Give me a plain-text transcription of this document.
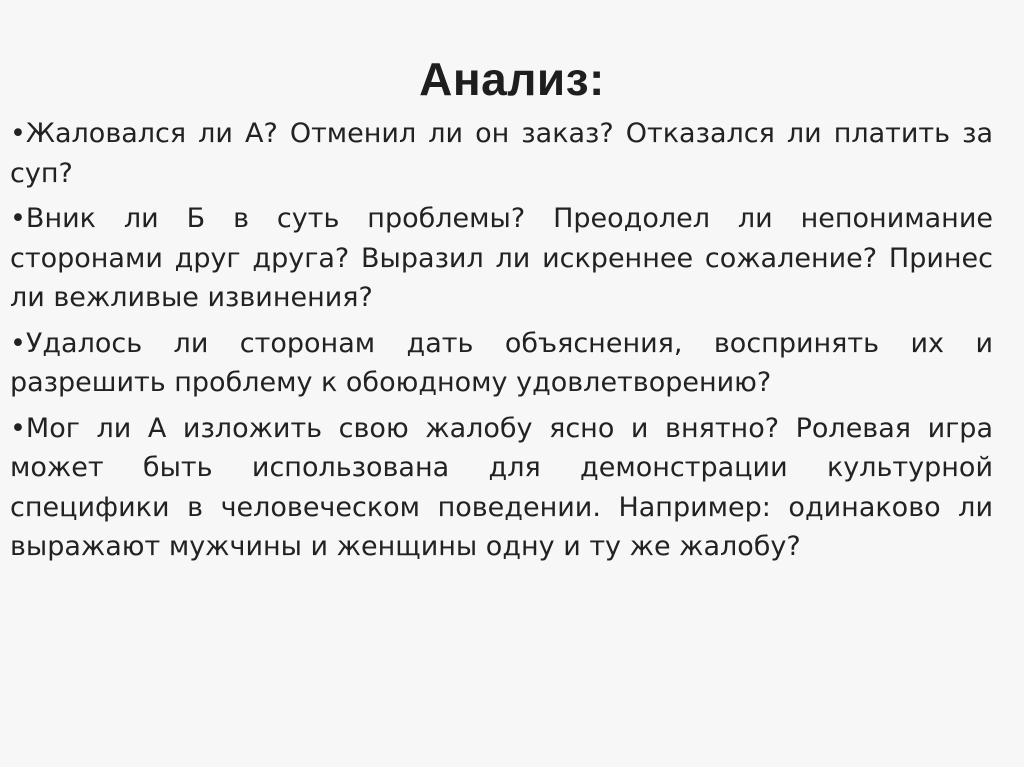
Анализ:
•Жаловался ли А? Отменил ли он заказ? Отказался ли платить за суп?
•Вник ли Б в суть проблемы? Преодолел ли непонимание сторонами друг друга? Выразил ли искреннее сожаление? Принес ли вежливые извинения?
•Удалось ли сторонам дать объяснения, воспринять их и разрешить проблему к обоюдному удовлетворению?
•Мог ли А изложить свою жалобу ясно и внятно? Ролевая игра может быть использована для демонстрации культурной специфики в человеческом поведении. Например: одинаково ли выражают мужчины и женщины одну и ту же жалобу?
